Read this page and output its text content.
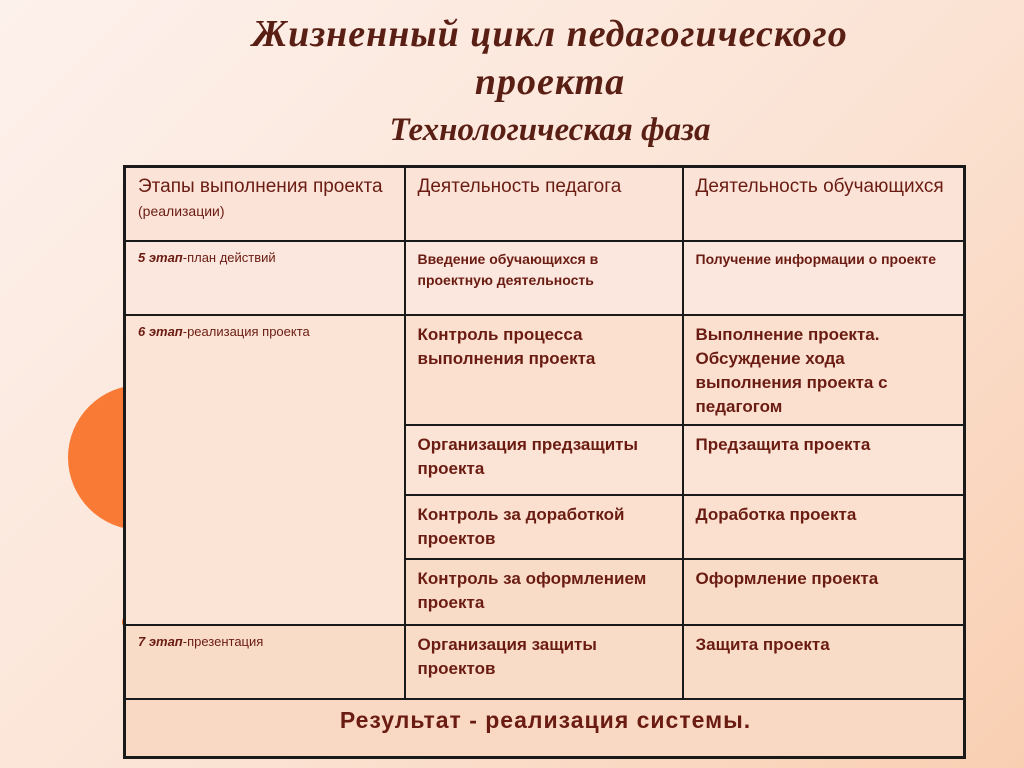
Жизненный цикл педагогического
проекта
Технологическая фаза
Этапы выполнения проекта (реализации)	Деятельность педагога	Деятельность обучающихся
5 этап-план действий	Введение обучающихся в проектную деятельность	Получение информации о проекте
6 этап-реализация проекта	Контроль процесса выполнения проекта	Выполнение проекта. Обсуждение хода выполнения проекта с педагогом
	Организация предзащиты проекта	Предзащита проекта
	Контроль за доработкой проектов	Доработка проекта
	Контроль за оформлением проекта	Оформление проекта
7 этап-презентация	Организация защиты проектов	Защита проекта
Результат - реализация системы.		
